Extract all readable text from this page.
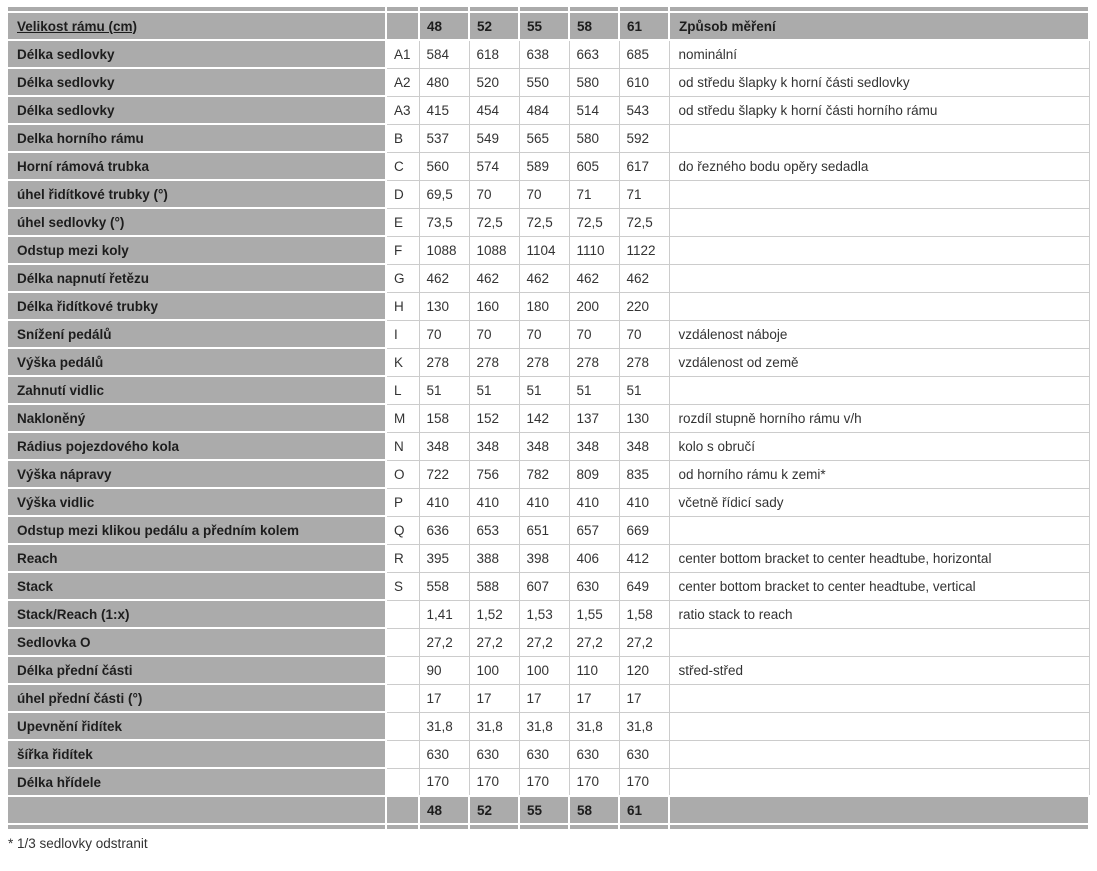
Velikost rámu (cm)		48	52	55	58	61	Způsob měření
Délka sedlovky	A1	584	618	638	663	685	nominální
Délka sedlovky	A2	480	520	550	580	610	od středu šlapky k horní části sedlovky
Délka sedlovky	A3	415	454	484	514	543	od středu šlapky k horní části horního rámu
Delka horního rámu	B	537	549	565	580	592	
Horní rámová trubka	C	560	574	589	605	617	do řezného bodu opěry sedadla
úhel řidítkové trubky (°)	D	69,5	70	70	71	71	
úhel sedlovky (°)	E	73,5	72,5	72,5	72,5	72,5	
Odstup mezi koly	F	1088	1088	1104	1110	1122	
Délka napnutí řetězu	G	462	462	462	462	462	
Délka řidítkové trubky	H	130	160	180	200	220	
Snížení pedálů	I	70	70	70	70	70	vzdálenost náboje
Výška pedálů	K	278	278	278	278	278	vzdálenost od země
Zahnutí vidlic	L	51	51	51	51	51	
Nakloněný	M	158	152	142	137	130	rozdíl stupně horního rámu v/h
Rádius pojezdového kola	N	348	348	348	348	348	kolo s obručí
Výška nápravy	O	722	756	782	809	835	od horního rámu k zemi*
Výška vidlic	P	410	410	410	410	410	včetně řídicí sady
Odstup mezi klikou pedálu a předním kolem	Q	636	653	651	657	669	
Reach	R	395	388	398	406	412	center bottom bracket to center headtube, horizontal
Stack	S	558	588	607	630	649	center bottom bracket to center headtube, vertical
Stack/Reach (1:x)		1,41	1,52	1,53	1,55	1,58	ratio stack to reach
Sedlovka O		27,2	27,2	27,2	27,2	27,2	
Délka přední části		90	100	100	110	120	střed-střed
úhel přední části (°)		17	17	17	17	17	
Upevnění řidítek		31,8	31,8	31,8	31,8	31,8	
šířka řidítek		630	630	630	630	630	
Délka hřídele		170	170	170	170	170	
		48	52	55	58	61	

* 1/3 sedlovky odstranit
